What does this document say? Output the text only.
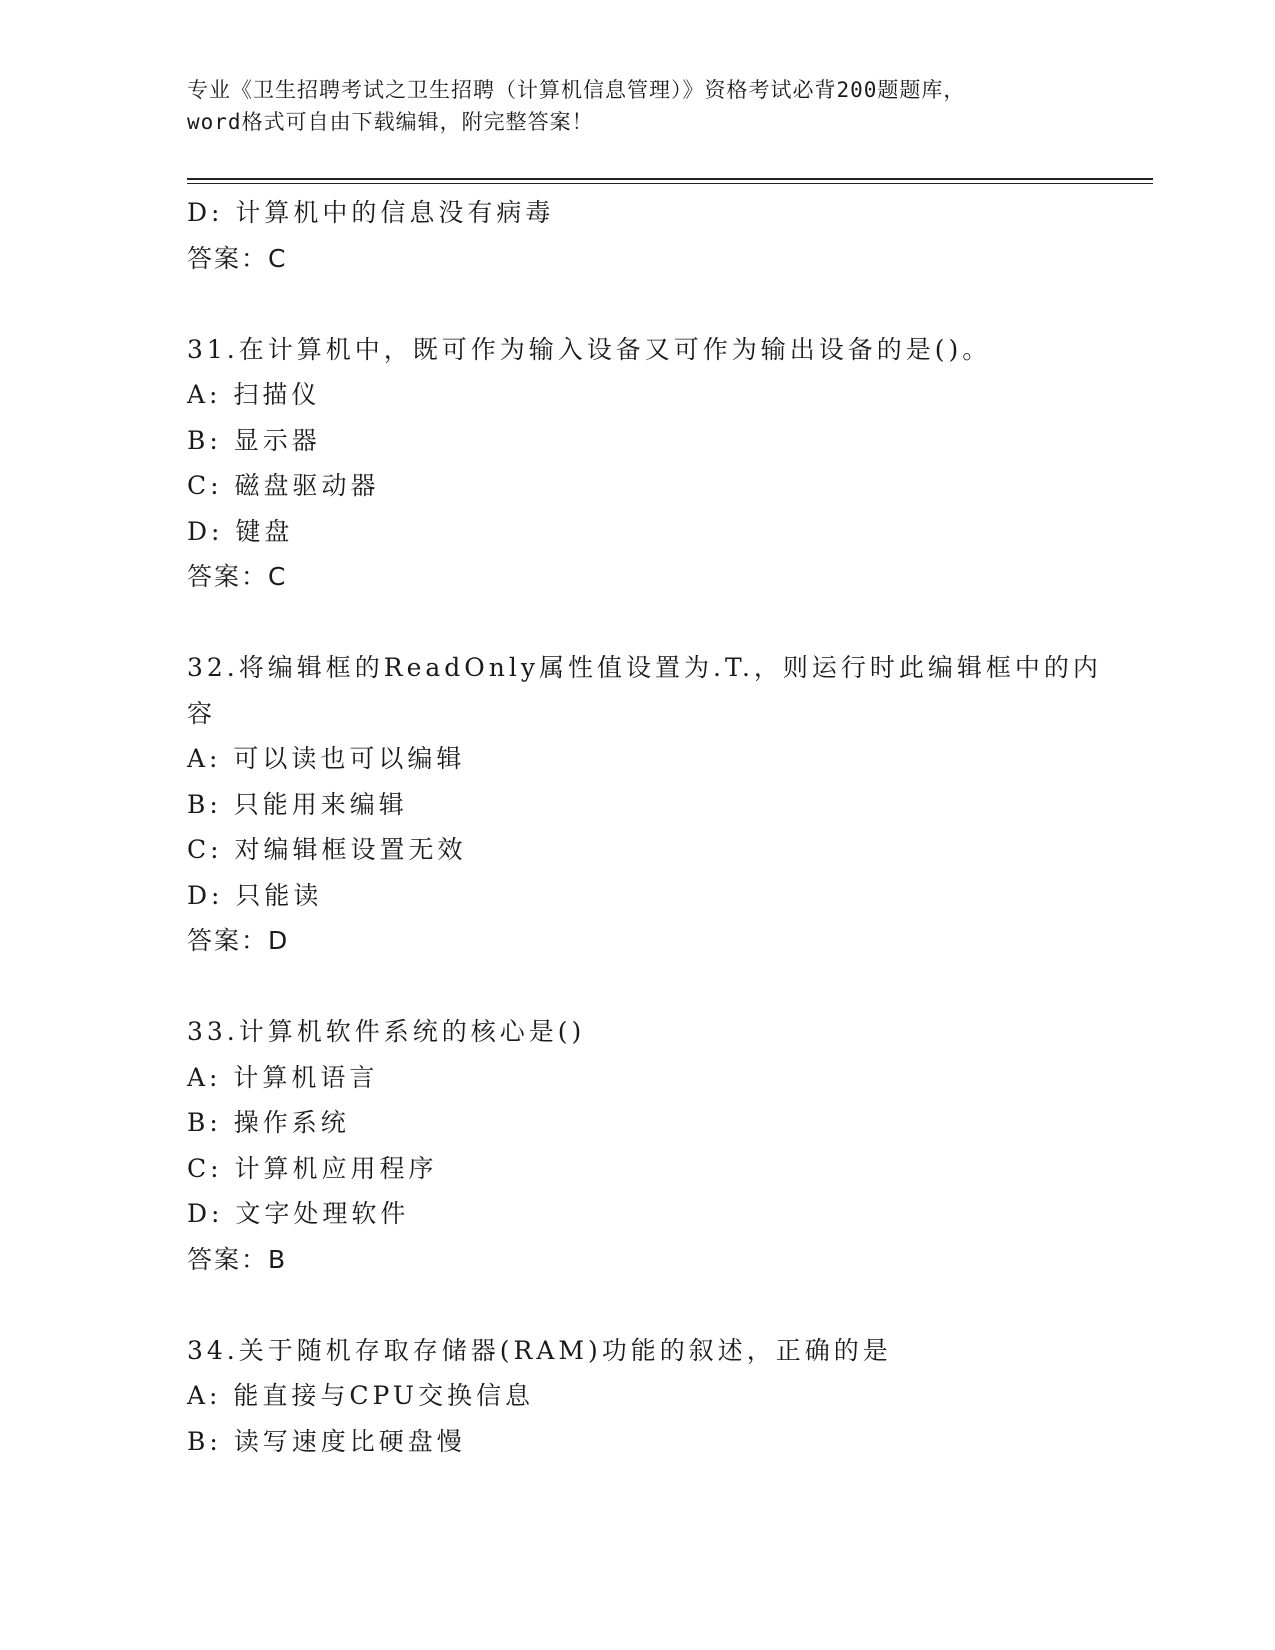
专业《卫生招聘考试之卫生招聘（计算机信息管理）》资格考试必背200题题库，
word格式可自由下载编辑，附完整答案！
D: 计算机中的信息没有病毒
答案：C
31.在计算机中，既可作为输入设备又可作为输出设备的是()。
A: 扫描仪
B: 显示器
C: 磁盘驱动器
D: 键盘
答案：C
32.将编辑框的ReadOnly属性值设置为.T.，则运行时此编辑框中的内
容
A: 可以读也可以编辑
B: 只能用来编辑
C: 对编辑框设置无效
D: 只能读
答案：D
33.计算机软件系统的核心是()
A: 计算机语言
B: 操作系统
C: 计算机应用程序
D: 文字处理软件
答案：B
34.关于随机存取存储器(RAM)功能的叙述，正确的是
A: 能直接与CPU交换信息
B: 读写速度比硬盘慢
